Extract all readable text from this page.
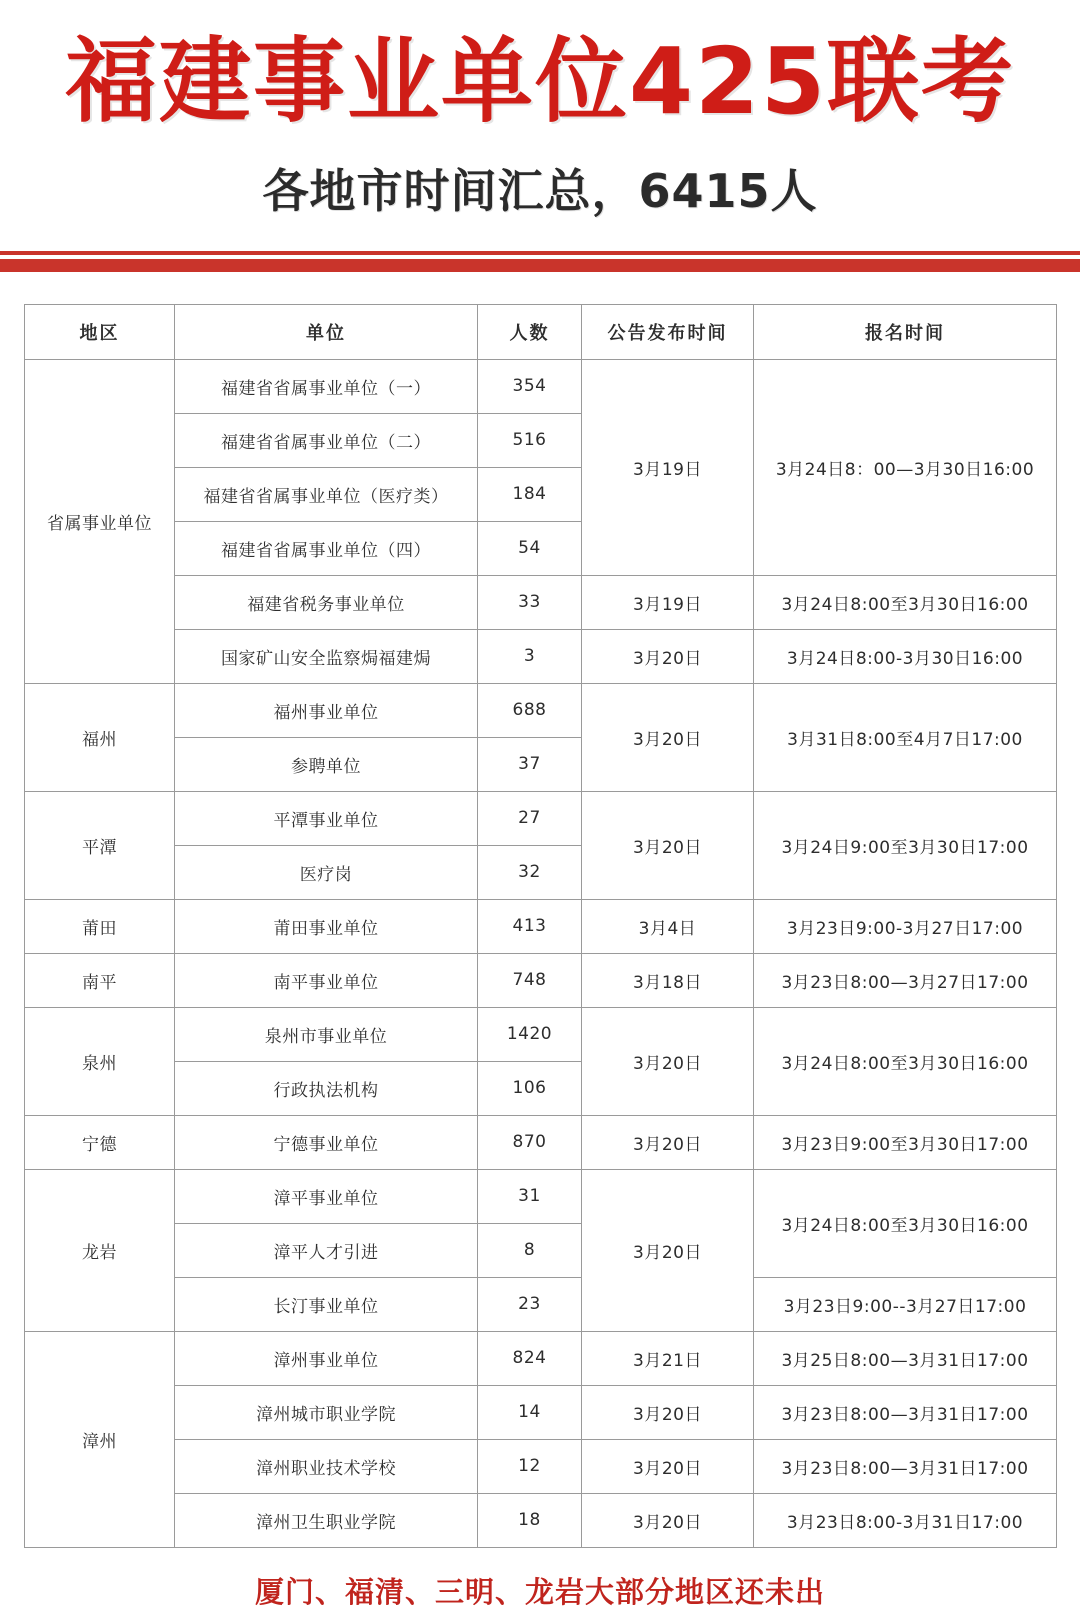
福建事业单位425联考
各地市时间汇总，6415人
地区	单位	人数	公告发布时间	报名时间
省属事业单位	福建省省属事业单位（一）	354	3月19日	3月24日8：00—3月30日16:00
	福建省省属事业单位（二）	516		
	福建省省属事业单位（医疗类）	184		
	福建省省属事业单位（四）	54		
	福建省税务事业单位	33	3月19日	3月24日8:00至3月30日16:00
	国家矿山安全监察焗福建焗	3	3月20日	3月24日8:00-3月30日16:00
福州	福州事业单位	688	3月20日	3月31日8:00至4月7日17:00
	参聘单位	37		
平潭	平潭事业单位	27	3月20日	3月24日9:00至3月30日17:00
	医疗岗	32		
莆田	莆田事业单位	413	3月4日	3月23日9:00-3月27日17:00
南平	南平事业单位	748	3月18日	3月23日8:00—3月27日17:00
泉州	泉州市事业单位	1420	3月20日	3月24日8:00至3月30日16:00
	行政执法机构	106		
宁德	宁德事业单位	870	3月20日	3月23日9:00至3月30日17:00
龙岩	漳平事业单位	31	3月20日	3月24日8:00至3月30日16:00
	漳平人才引进	8		
	长汀事业单位	23		3月23日9:00--3月27日17:00
漳州	漳州事业单位	824	3月21日	3月25日8:00—3月31日17:00
	漳州城市职业学院	14	3月20日	3月23日8:00—3月31日17:00
	漳州职业技术学校	12	3月20日	3月23日8:00—3月31日17:00
	漳州卫生职业学院	18	3月20日	3月23日8:00-3月31日17:00
厦门、福清、三明、龙岩大部分地区还未出
